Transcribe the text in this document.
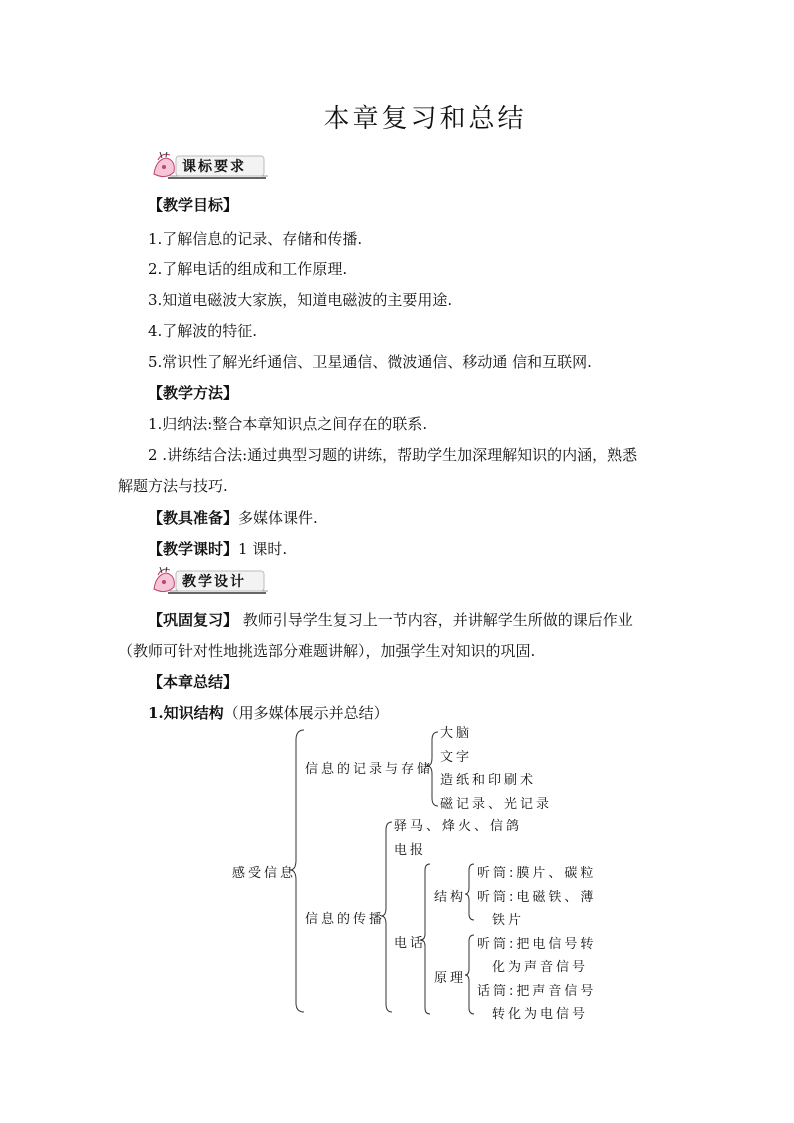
本章复习和总结
课标要求
【教学目标】
1.了解信息的记录、存储和传播.
2.了解电话的组成和工作原理.
3.知道电磁波大家族，知道电磁波的主要用途.
4.了解波的特征.
5.常识性了解光纤通信、卫星通信、微波通信、移动通 信和互联网.
【教学方法】
1.归纳法:整合本章知识点之间存在的联系.
2 .讲练结合法:通过典型习题的讲练，帮助学生加深理解知识的内涵，熟悉
解题方法与技巧.
【教具准备】多媒体课件.
【教学课时】1 课时.
教学设计
【巩固复习】 教师引导学生复习上一节内容，并讲解学生所做的课后作业
（教师可针对性地挑选部分难题讲解），加强学生对知识的巩固.
【本章总结】
1.知识结构（用多媒体展示并总结）
感受信息
信息的记录与存储
大脑
文字
造纸和印刷术
磁记录、光记录
信息的传播
驿马、烽火、信鸽
电报
电话
结构
听筒:膜片、碳粒
听筒:电磁铁、薄
铁片
原理
听筒:把电信号转
化为声音信号
话筒:把声音信号
转化为电信号
